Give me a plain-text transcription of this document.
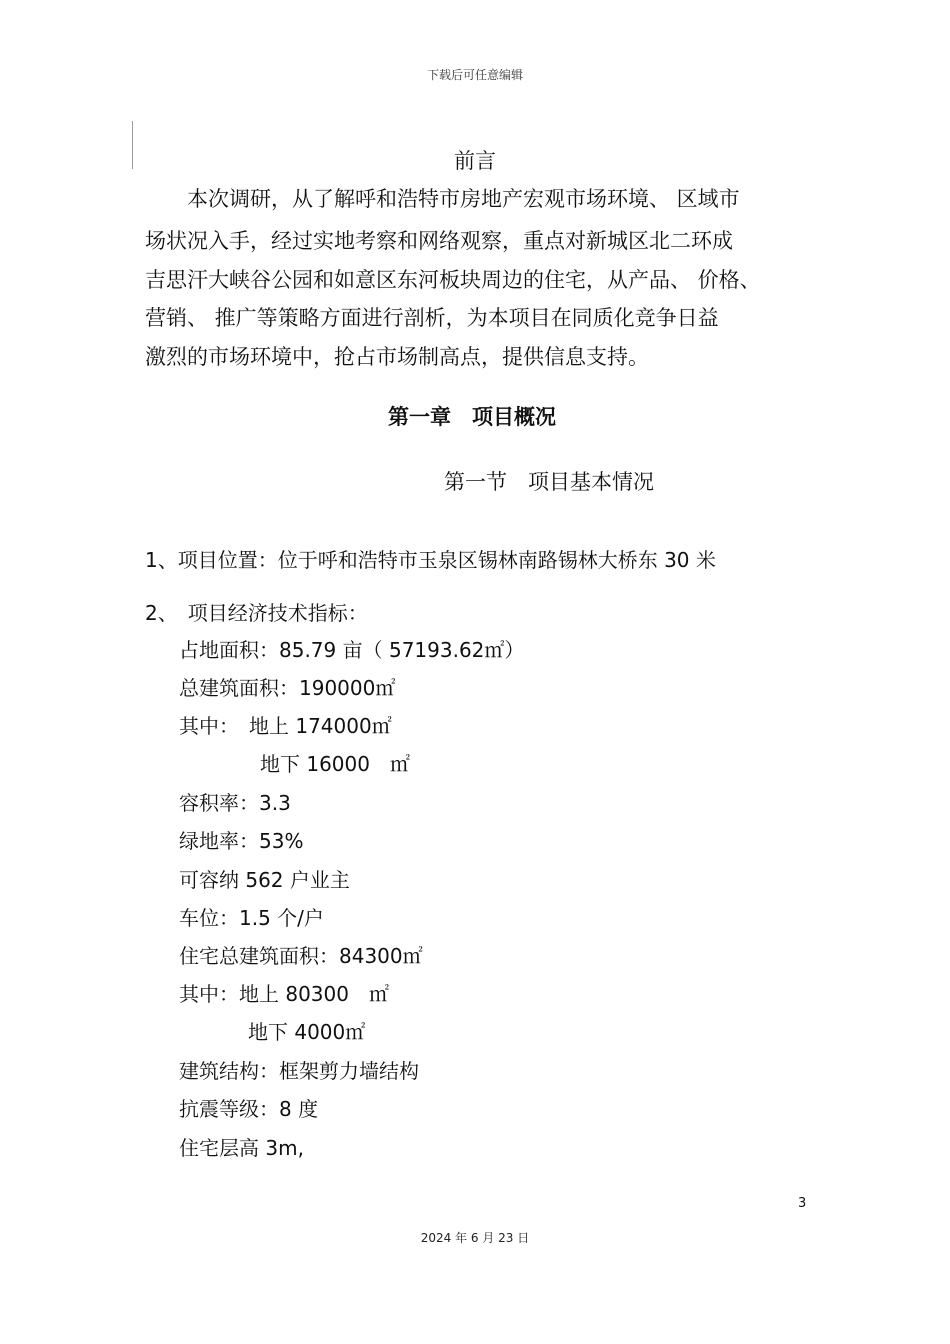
下载后可任意编辑
前言
　　本次调研，从了解呼和浩特市房地产宏观市场环境、 区域市
场状况入手，经过实地考察和网络观察，重点对新城区北二环成
吉思汗大峡谷公园和如意区东河板块周边的住宅，从产品、 价格、
营销、 推广等策略方面进行剖析，为本项目在同质化竞争日益
激烈的市场环境中，抢占市场制高点，提供信息支持。
第一章　项目概况
第一节　项目基本情况
1、项目位置：位于呼和浩特市玉泉区锡林南路锡林大桥东 30 米
2、　项目经济技术指标：
占地面积：85.79 亩（ 57193.62㎡）
总建筑面积：190000㎡
其中：　地上 174000㎡
地下 16000　㎡
容积率：3.3
绿地率：53%
可容纳 562 户业主
车位：1.5 个/户
住宅总建筑面积：84300㎡
其中：地上 80300　㎡
地下 4000㎡
建筑结构：框架剪力墙结构
抗震等级：8 度
住宅层高 3m,
3
2024 年 6 月 23 日
